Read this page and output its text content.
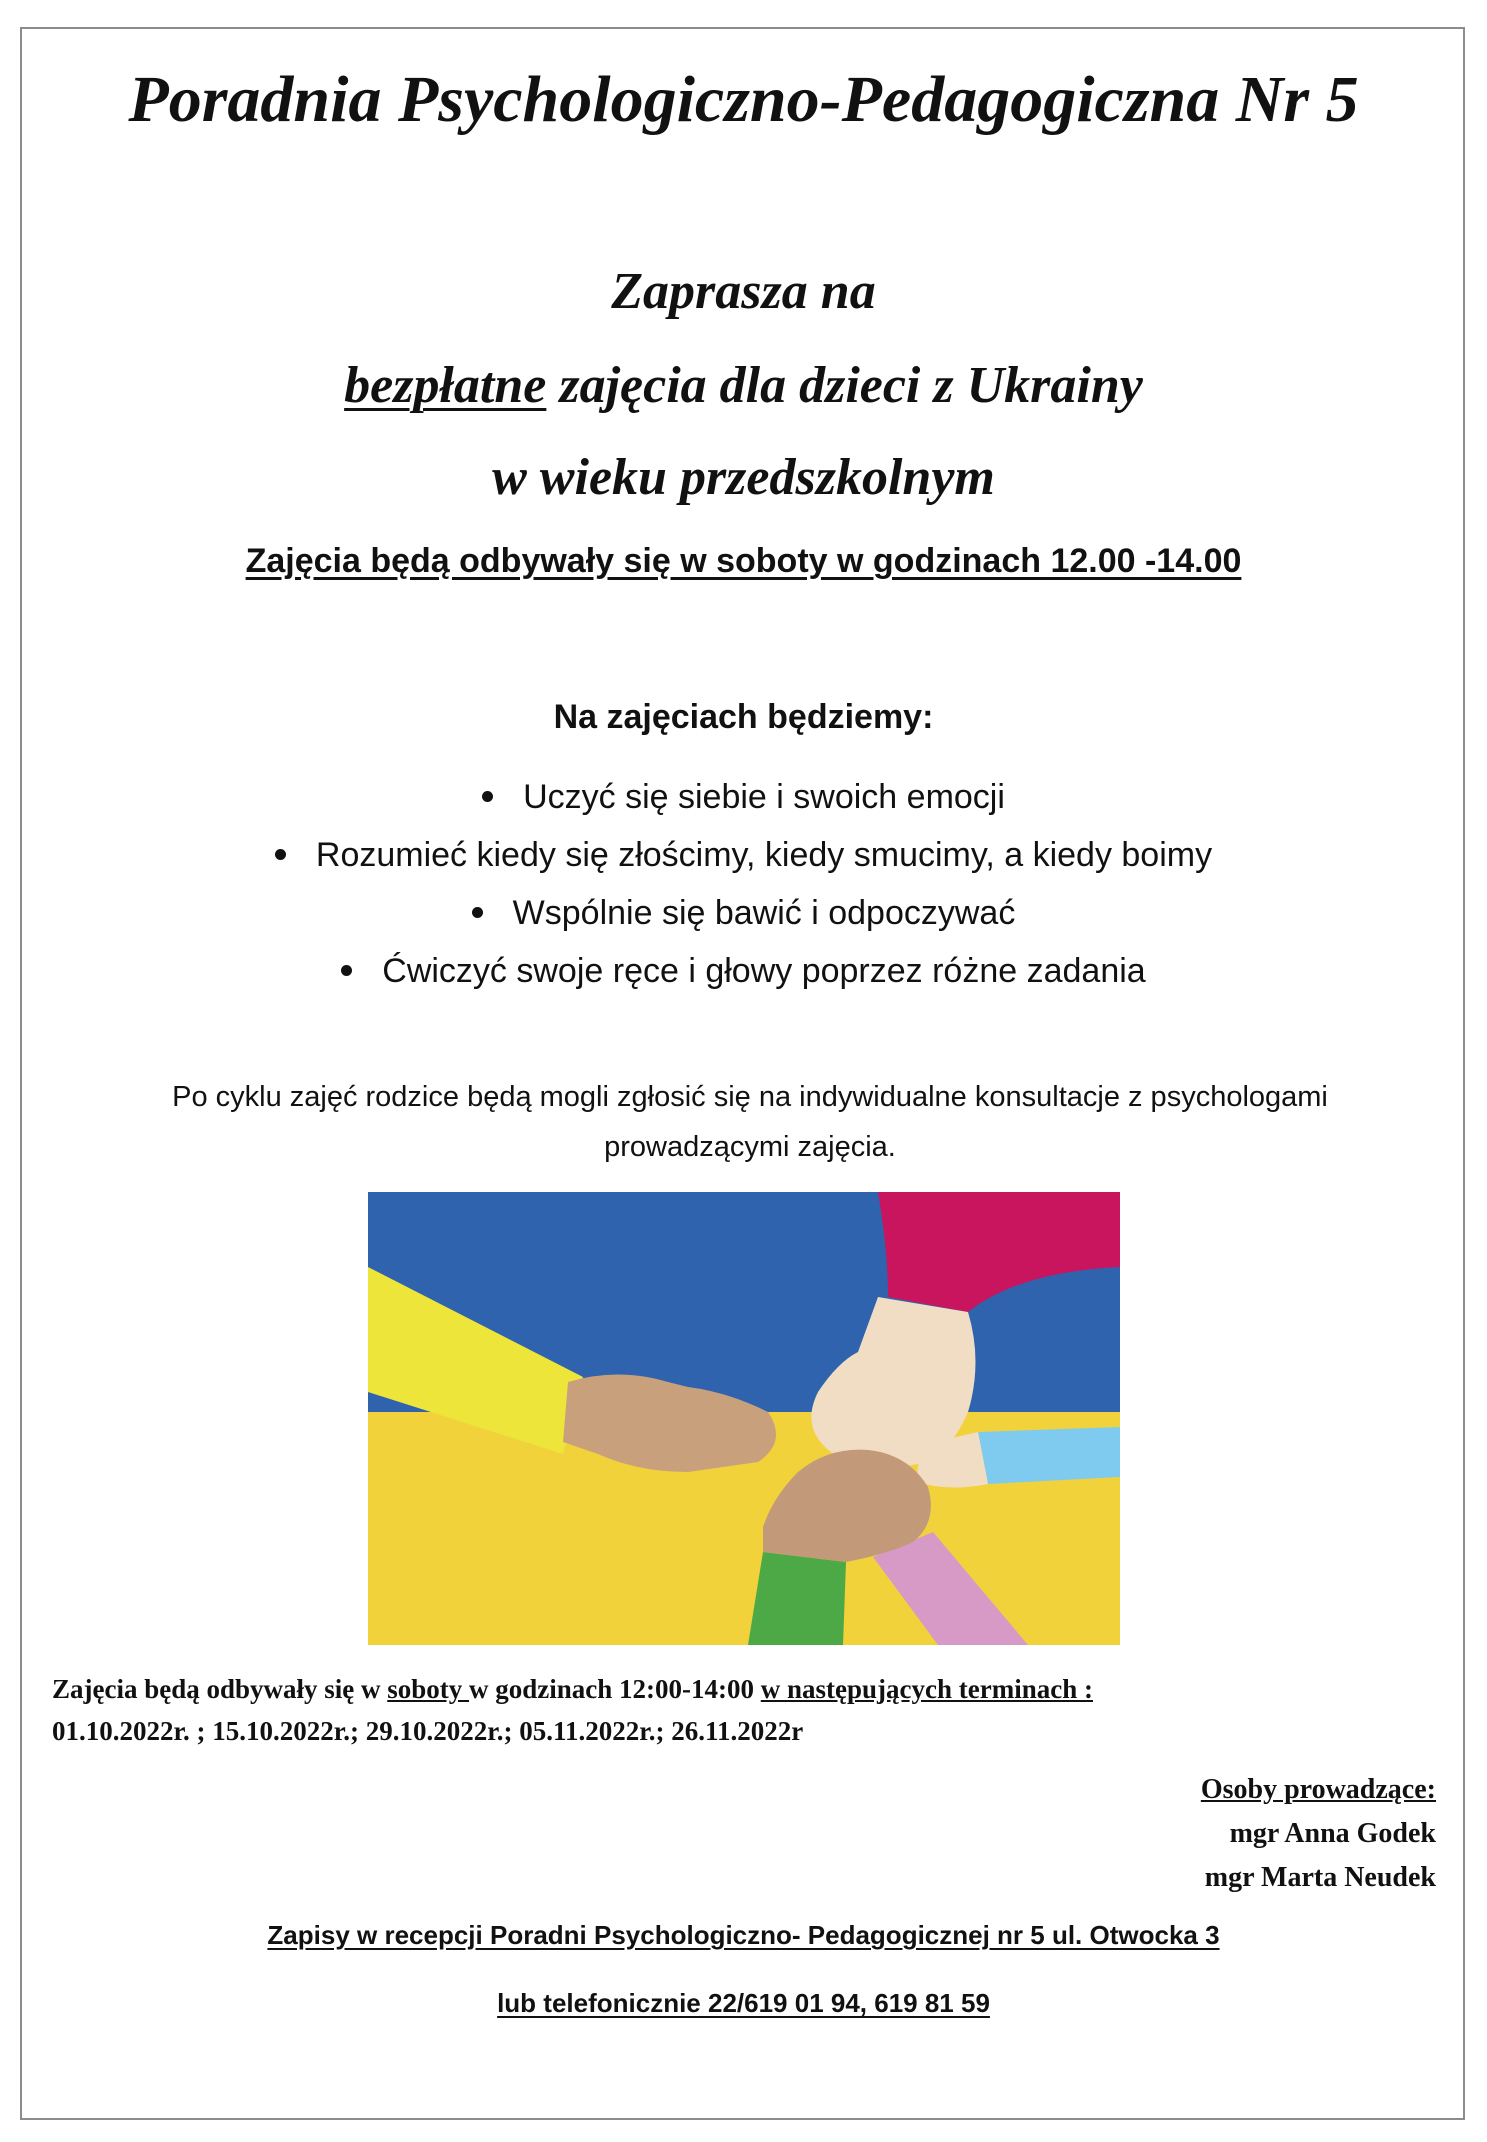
Poradnia Psychologiczno-Pedagogiczna Nr 5
Zaprasza na
bezpłatne zajęcia dla dzieci z Ukrainy
w wieku przedszkolnym
Zajęcia będą odbywały się w soboty w godzinach 12.00 -14.00
Na zajęciach będziemy:
Uczyć się siebie i swoich emocji
Rozumieć kiedy się złościmy, kiedy smucimy, a kiedy boimy
Wspólnie się bawić i odpoczywać
Ćwiczyć swoje ręce i głowy poprzez różne zadania
Po cyklu zajęć rodzice będą mogli zgłosić się na indywidualne konsultacje z psychologami
prowadzącymi zajęcia.
Zajęcia będą odbywały się w soboty w godzinach 12:00-14:00 w następujących terminach :
01.10.2022r. ; 15.10.2022r.; 29.10.2022r.; 05.11.2022r.; 26.11.2022r
Osoby prowadzące:
mgr Anna Godek
mgr Marta Neudek
Zapisy w recepcji Poradni Psychologiczno- Pedagogicznej nr 5 ul. Otwocka 3
lub telefonicznie 22/619 01 94, 619 81 59
